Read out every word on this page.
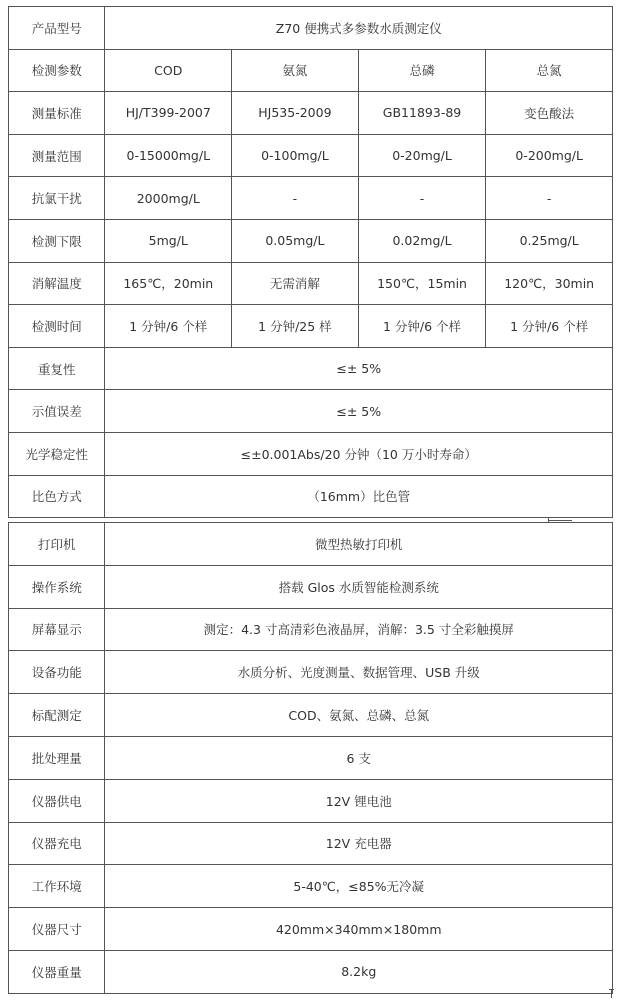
产品型号	Z70 便携式多参数水质测定仪			
检测参数	COD	氨氮	总磷	总氮
测量标准	HJ/T399-2007	HJ535-2009	GB11893-89	变色酸法
测量范围	0-15000mg/L	0-100mg/L	0-20mg/L	0-200mg/L
抗氯干扰	2000mg/L	-	-	-
检测下限	5mg/L	0.05mg/L	0.02mg/L	0.25mg/L
消解温度	165℃，20min	无需消解	150℃，15min	120℃，30min
检测时间	1 分钟/6 个样	1 分钟/25 样	1 分钟/6 个样	1 分钟/6 个样
重复性	≤± 5%			
示值误差	≤± 5%			
光学稳定性	≤±0.001Abs/20 分钟（10 万小时寿命）			
比色方式	（16mm）比色管			
打印机	微型热敏打印机
操作系统	搭载 Glos 水质智能检测系统
屏幕显示	测定：4.3 寸高清彩色液晶屏，消解：3.5 寸全彩触摸屏
设备功能	水质分析、光度测量、数据管理、USB 升级
标配测定	COD、氨氮、总磷、总氮
批处理量	6 支
仪器供电	12V 锂电池
仪器充电	12V 充电器
工作环境	5-40℃，≤85%无冷凝
仪器尺寸	420mm×340mm×180mm
仪器重量	8.2kg
